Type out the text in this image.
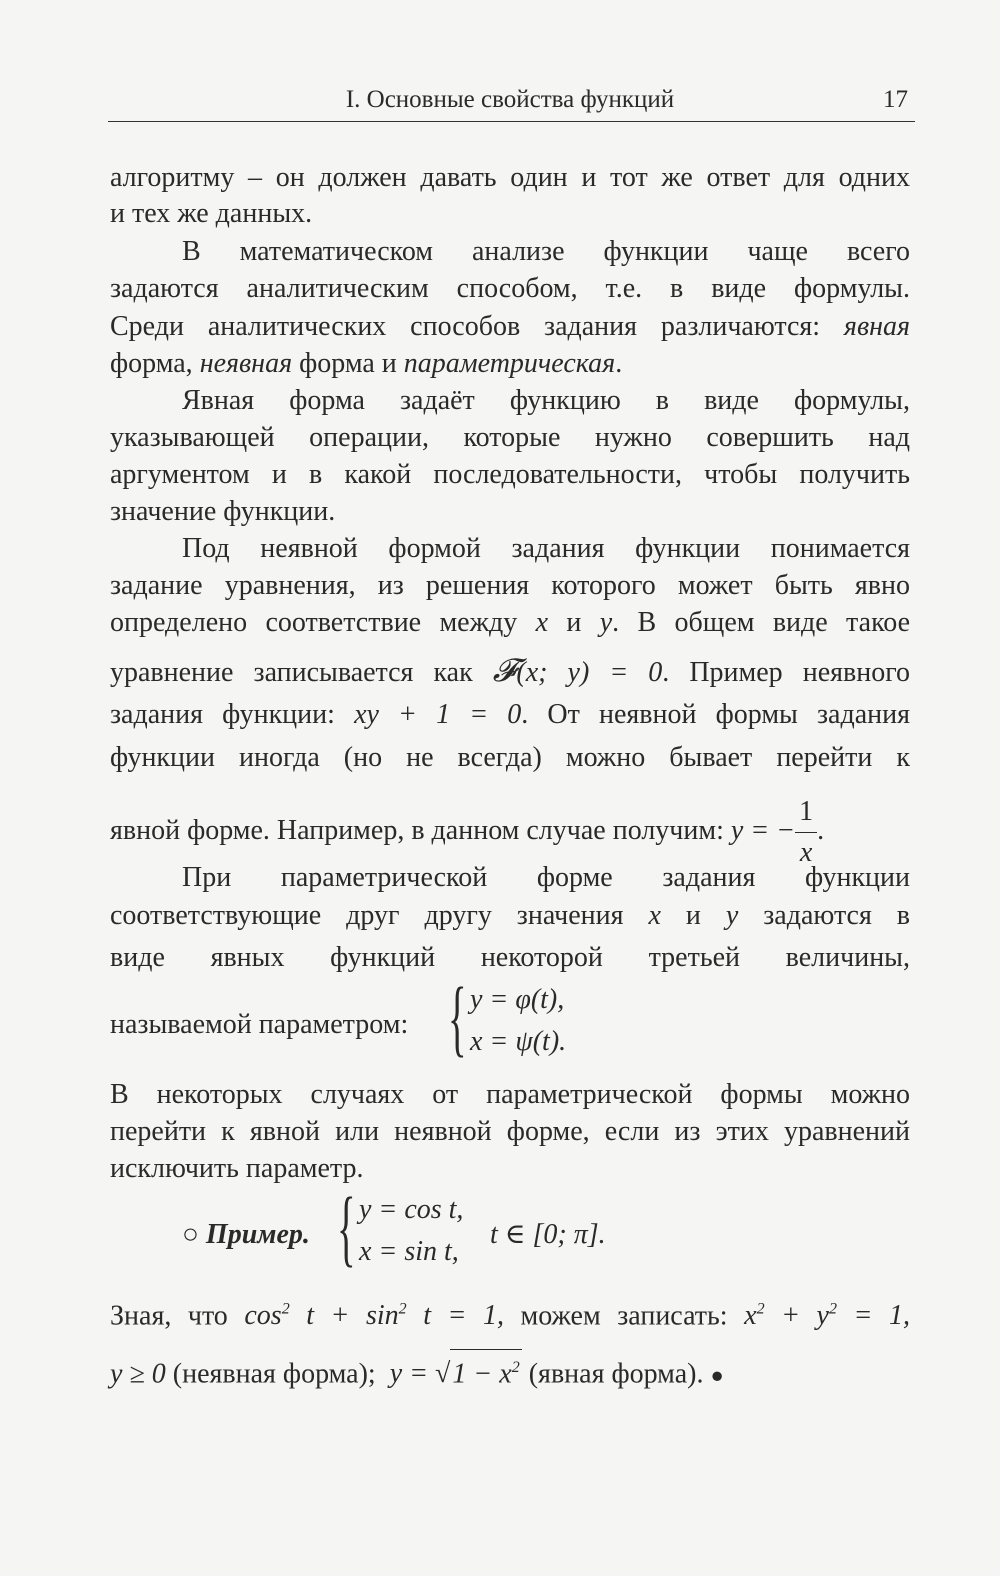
I. Основные свойства функций	17
алгоритму – он должен давать один и тот же ответ для одних
и тех же данных.
В математическом анализе функции чаще всего
задаются аналитическим способом, т.е. в виде формулы.
Среди аналитических способов задания различаются: явная
форма, неявная форма и параметрическая.
Явная форма задаёт функцию в виде формулы,
указывающей операции, которые нужно совершить над
аргументом и в какой последовательности, чтобы получить
значение функции.
Под неявной формой задания функции понимается
задание уравнения, из решения которого может быть явно
определено соответствие между x и y. В общем виде такое
уравнение записывается как 𝓕(x; y) = 0. Пример неявного
задания функции: xy + 1 = 0. От неявной формы задания
функции иногда (но не всегда) можно бывает перейти к
явной форме. Например, в данном случае получим: y = − $\frac{1}{x}$ .
При параметрической форме задания функции
соответствующие друг другу значения x и y задаются в
виде явных функций некоторой третьей величины,
называемой параметром: { y = φ(t),
x = ψ(t).
В некоторых случаях от параметрической формы можно
перейти к явной или неявной форме, если из этих уравнений
исключить параметр.
○ Пример. { y = cos t,
x = sin t,
t ∈ [0; π].
Зная, что $\cos^2 t + \sin^2 t = 1$, можем записать: $x^2 + y^2 = 1$,
y ≥ 0 (неявная форма); $y = √1 - x^2$ (явная форма). ●
